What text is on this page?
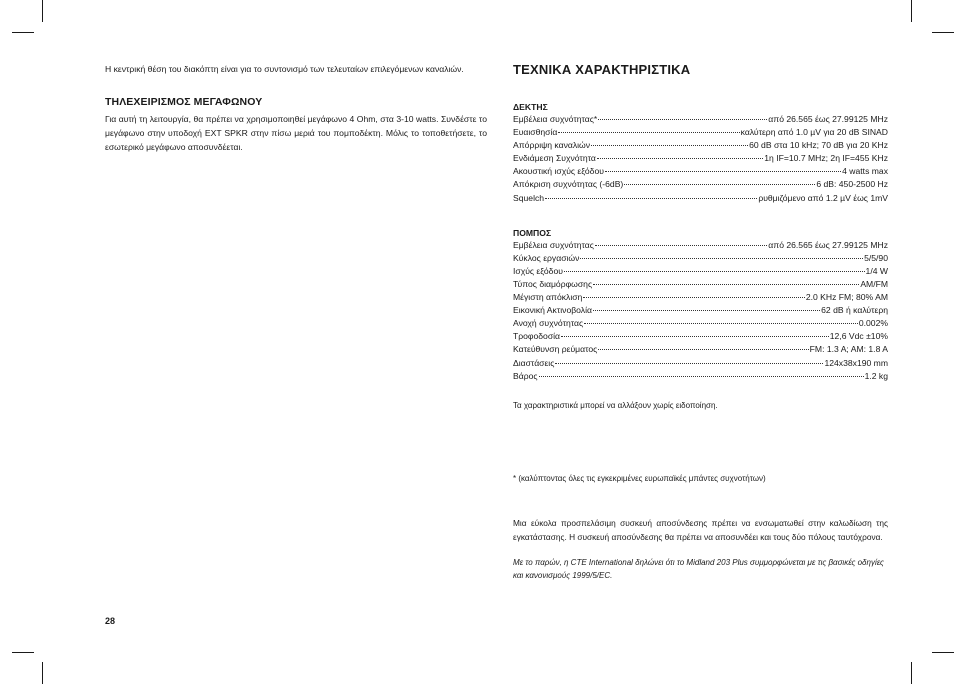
Η κεντρική θέση του διακόπτη είναι για το συντονισμό των τελευταίων επιλεγόμενων καναλιών.

ΤΗΛΕΧΕΙΡΙΣΜΟΣ ΜΕΓΑΦΩΝΟΥ

Για αυτή τη λειτουργία, θα πρέπει να χρησιμοποιηθεί μεγάφωνο 4 Ohm, στα 3-10 watts. Συνδέστε το μεγάφωνο στην υποδοχή EXT SPKR στην πίσω μεριά του πομποδέκτη. Μόλις το τοποθετήσετε, το εσωτερικό μεγάφωνο αποσυνδέεται.

ΤΕΧΝΙΚΑ ΧΑΡΑΚΤΗΡΙΣΤΙΚΑ
ΔΕΚΤΗΣ
Εμβέλεια συχνότητας*	από 26.565 έως 27.99125 MHz
Ευαισθησία	καλύτερη από 1.0 µV για 20 dB SINAD
Απόρριψη καναλιών	60 dB στα 10 kHz; 70 dB για 20 KHz
Ενδιάμεση Συχνότητα	1η IF=10.7 MHz; 2η IF=455 KHz
Ακουστική ισχύς εξόδου	4 watts max
Απόκριση συχνότητας (-6dB)	6 dB: 450-2500 Hz
Squelch	ρυθμιζόμενο από 1.2 µV έως 1mV
ΠΟΜΠΟΣ
Εμβέλεια συχνότητας	από 26.565 έως 27.99125 MHz
Κύκλος εργασιών	5/5/90
Ισχύς εξόδου	1/4 W
Τύπος διαμόρφωσης	AM/FM
Μέγιστη απόκλιση	2.0 KHz FM; 80% AM
Εικονική Ακτινοβολία	62 dB ή καλύτερη
Ανοχή συχνότητας	0.002%
Τροφοδοσία	12,6 Vdc ±10%
Κατεύθυνση ρεύματος	FM: 1.3 A; AM: 1.8 A
Διαστάσεις	124x38x190 mm
Βάρος	1.2 kg

Τα χαρακτηριστικά μπορεί να αλλάξουν χωρίς ειδοποίηση.

* (καλύπτοντας όλες τις εγκεκριμένες ευρωπαϊκές μπάντες συχνοτήτων)

Μια εύκολα προσπελάσιμη συσκευή αποσύνδεσης πρέπει να ενσωματωθεί στην καλωδίωση της εγκατάστασης. Η συσκευή αποσύνδεσης θα πρέπει να αποσυνδέει και τους δύο πόλους ταυτόχρονα.

Με το παρών, η CTE International δηλώνει ότι το Midland 203 Plus συμμορφώνεται με τις βασικές οδηγίες και κανονισμούς 1999/5/EC.

28
